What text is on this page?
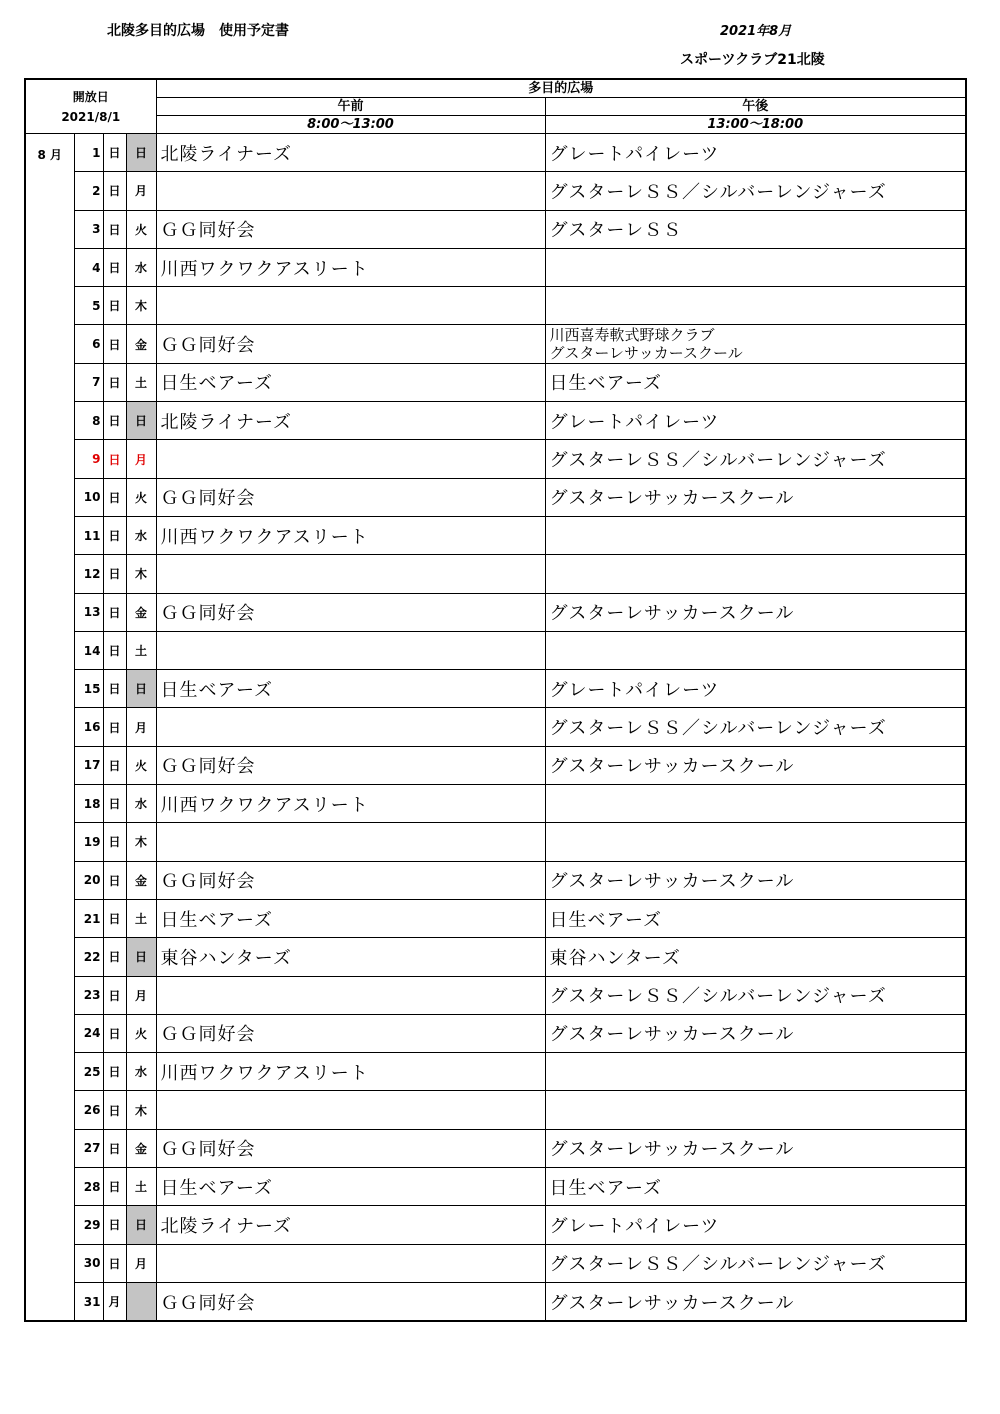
北陵多目的広場　使用予定書	2021年8月
スポーツクラブ21北陵
開放日
2021/8/1				多目的広場	
				午前	午後
				8:00～13:00	13:00～18:00
8 月	1	日	日	北陵ライナーズ	グレートパイレーツ
	2	日	月		グスターレＳＳ／シルバーレンジャーズ
	3	日	火	ＧＧ同好会	グスターレＳＳ
	4	日	水	川西ワクワクアスリート	
	5	日	木		
	6	日	金	ＧＧ同好会	川西喜寿軟式野球クラブ
グスターレサッカースクール

	7	日	土	日生ベアーズ	日生ベアーズ
	8	日	日	北陵ライナーズ	グレートパイレーツ
	9	日	月		グスターレＳＳ／シルバーレンジャーズ
	10	日	火	ＧＧ同好会	グスターレサッカースクール
	11	日	水	川西ワクワクアスリート	
	12	日	木		
	13	日	金	ＧＧ同好会	グスターレサッカースクール
	14	日	土		
	15	日	日	日生ベアーズ	グレートパイレーツ
	16	日	月		グスターレＳＳ／シルバーレンジャーズ
	17	日	火	ＧＧ同好会	グスターレサッカースクール
	18	日	水	川西ワクワクアスリート	
	19	日	木		
	20	日	金	ＧＧ同好会	グスターレサッカースクール
	21	日	土	日生ベアーズ	日生ベアーズ
	22	日	日	東谷ハンターズ	東谷ハンターズ
	23	日	月		グスターレＳＳ／シルバーレンジャーズ
	24	日	火	ＧＧ同好会	グスターレサッカースクール
	25	日	水	川西ワクワクアスリート	
	26	日	木		
	27	日	金	ＧＧ同好会	グスターレサッカースクール
	28	日	土	日生ベアーズ	日生ベアーズ
	29	日	日	北陵ライナーズ	グレートパイレーツ
	30	日	月		グスターレＳＳ／シルバーレンジャーズ
	31	月		ＧＧ同好会	グスターレサッカースクール
